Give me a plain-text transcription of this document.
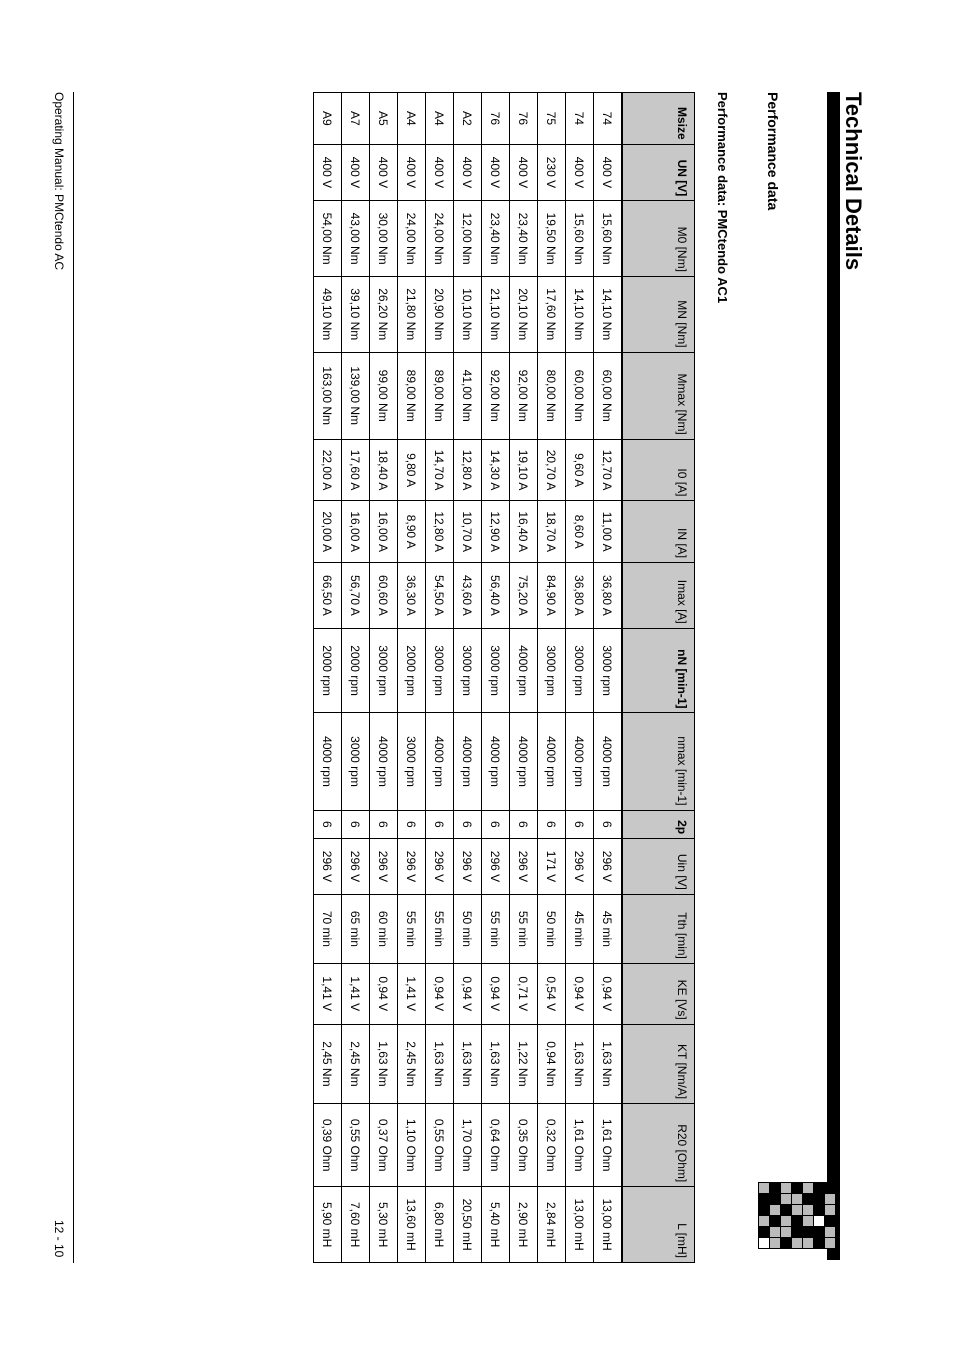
Technical Details
Performance data
Performance data: PMCtendo AC1
Msize	UN [V]	M0 [Nm]	MN [Nm]	Mmax [Nm]	I0 [A]	IN [A]	Imax [A]	nN [min-1]	nmax [min-1]	2p	Uin [V]	Tth [min]	KE [Vs]	KT [Nm/A]	R20 [Ohm]	L [mH]
74	400 V	15,60 Nm	14,10 Nm	60,00 Nm	12,70 A	11,00 A	36,80 A	3000 rpm	4000 rpm	6	296 V	45 min	0,94 V	1,63 Nm	1,61 Ohm	13,00 mH
74	400 V	15,60 Nm	14,10 Nm	60,00 Nm	9,60 A	8,60 A	36,80 A	3000 rpm	4000 rpm	6	296 V	45 min	0,94 V	1,63 Nm	1,61 Ohm	13,00 mH
75	230 V	19,50 Nm	17,60 Nm	80,00 Nm	20,70 A	18,70 A	84,90 A	3000 rpm	4000 rpm	6	171 V	50 min	0,54 V	0,94 Nm	0,32 Ohm	2,84 mH
76	400 V	23,40 Nm	20,10 Nm	92,00 Nm	19,10 A	16,40 A	75,20 A	4000 rpm	4000 rpm	6	296 V	55 min	0,71 V	1,22 Nm	0,35 Ohm	2,90 mH
76	400 V	23,40 Nm	21,10 Nm	92,00 Nm	14,30 A	12,90 A	56,40 A	3000 rpm	4000 rpm	6	296 V	55 min	0,94 V	1,63 Nm	0,64 Ohm	5,40 mH
A2	400 V	12,00 Nm	10,10 Nm	41,00 Nm	12,80 A	10,70 A	43,60 A	3000 rpm	4000 rpm	6	296 V	50 min	0,94 V	1,63 Nm	1,70 Ohm	20,50 mH
A4	400 V	24,00 Nm	20,90 Nm	89,00 Nm	14,70 A	12,80 A	54,50 A	3000 rpm	4000 rpm	6	296 V	55 min	0,94 V	1,63 Nm	0,55 Ohm	6,80 mH
A4	400 V	24,00 Nm	21,80 Nm	89,00 Nm	9,80 A	8,90 A	36,30 A	2000 rpm	3000 rpm	6	296 V	55 min	1,41 V	2,45 Nm	1,10 Ohm	13,60 mH
A5	400 V	30,00 Nm	26,20 Nm	99,00 Nm	18,40 A	16,00 A	60,60 A	3000 rpm	4000 rpm	6	296 V	60 min	0,94 V	1,63 Nm	0,37 Ohm	5,30 mH
A7	400 V	43,00 Nm	39,10 Nm	139,00 Nm	17,60 A	16,00 A	56,70 A	2000 rpm	3000 rpm	6	296 V	65 min	1,41 V	2,45 Nm	0,55 Ohm	7,60 mH
A9	400 V	54,00 Nm	49,10 Nm	163,00 Nm	22,00 A	20,00 A	66,50 A	2000 rpm	4000 rpm	6	296 V	70 min	1,41 V	2,45 Nm	0,39 Ohm	5,90 mH
Operating Manual: PMCtendo AC
12 - 10
